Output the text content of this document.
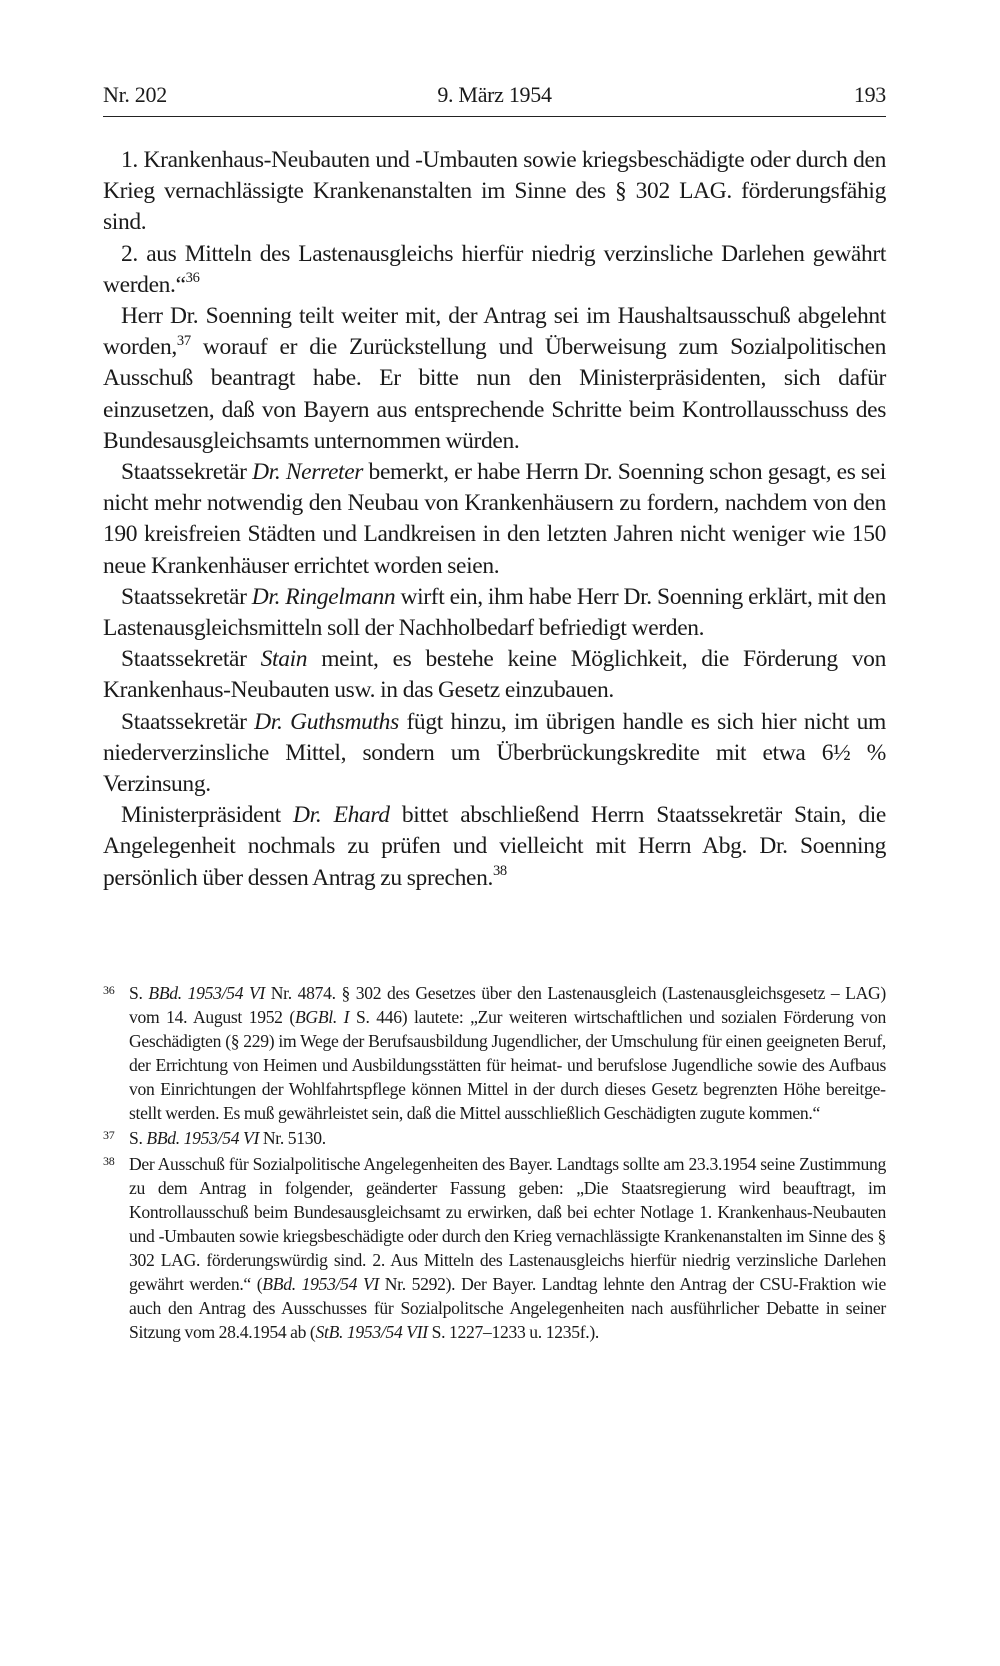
Nr. 202	9. März 1954	193

1. Krankenhaus-Neubauten und -Umbauten sowie kriegsbeschädigte oder durch den Krieg vernachlässigte Krankenanstalten im Sinne des § 302 LAG. förderungsfähig sind.

2. aus Mitteln des Lastenausgleichs hierfür niedrig verzinsliche Darlehen gewährt werden.“$^{36}$

Herr Dr. Soenning teilt weiter mit, der Antrag sei im Haushaltsausschuß abgelehnt worden,$^{37}$ worauf er die Zurückstellung und Überweisung zum Sozialpolitischen Ausschuß beantragt habe. Er bitte nun den Ministerpräsidenten, sich dafür einzusetzen, daß von Bayern aus entsprechende Schritte beim Kontrollausschuss des Bundesausgleichsamts unternommen würden.

Staatssekretär Dr. Nerreter bemerkt, er habe Herrn Dr. Soenning schon gesagt, es sei nicht mehr notwendig den Neubau von Krankenhäusern zu fordern, nachdem von den 190 kreisfreien Städten und Landkreisen in den letzten Jahren nicht weniger wie 150 neue Krankenhäuser errichtet worden seien.

Staatssekretär Dr. Ringelmann wirft ein, ihm habe Herr Dr. Soenning erklärt, mit den Lastenausgleichsmitteln soll der Nachholbedarf befriedigt werden.

Staatssekretär Stain meint, es bestehe keine Möglichkeit, die Förderung von Krankenhaus-Neubauten usw. in das Gesetz einzubauen.

Staatssekretär Dr. Guthsmuths fügt hinzu, im übrigen handle es sich hier nicht um niederverzinsliche Mittel, sondern um Überbrückungskredite mit etwa 6½ % Verzinsung.

Ministerpräsident Dr. Ehard bittet abschließend Herrn Staatssekretär Stain, die Angelegenheit nochmals zu prüfen und vielleicht mit Herrn Abg. Dr. Soenning persönlich über dessen Antrag zu sprechen.$^{38}$

36 S. BBd. 1953/54 VI Nr. 4874. § 302 des Gesetzes über den Lastenausgleich (Lastenausgleichsgesetz – LAG) vom 14. August 1952 (BGBl. I S. 446) lautete: „Zur weiteren wirtschaftlichen und sozialen Förderung von Geschädigten (§ 229) im Wege der Berufsausbildung Jugendlicher, der Umschulung für einen geeigneten Beruf, der Errichtung von Heimen und Ausbildungsstätten für heimat- und berufslose Jugendliche sowie des Aufbaus von Einrichtungen der Wohlfahrtspflege können Mittel in der durch dieses Gesetz begrenzten Höhe bereitgestellt werden. Es muß gewährleistet sein, daß die Mittel ausschließlich Geschädigten zugute kommen.“

37 S. BBd. 1953/54 VI Nr. 5130.

38 Der Ausschuß für Sozialpolitische Angelegenheiten des Bayer. Landtags sollte am 23.3.1954 seine Zustimmung zu dem Antrag in folgender, geänderter Fassung geben: „Die Staatsregierung wird beauftragt, im Kontrollausschuß beim Bundesausgleichsamt zu erwirken, daß bei echter Notlage 1. Krankenhaus-Neubauten und -Umbauten sowie kriegsbeschädigte oder durch den Krieg vernachlässigte Krankenanstalten im Sinne des § 302 LAG. förderungswürdig sind. 2. Aus Mitteln des Lastenausgleichs hierfür niedrig verzinsliche Darlehen gewährt werden.“ (BBd. 1953/54 VI Nr. 5292). Der Bayer. Landtag lehnte den Antrag der CSU-Fraktion wie auch den Antrag des Ausschusses für Sozialpolitsche Angelegenheiten nach ausführlicher Debatte in seiner Sitzung vom 28.4.1954 ab (StB. 1953/54 VII S. 1227–1233 u. 1235f.).
